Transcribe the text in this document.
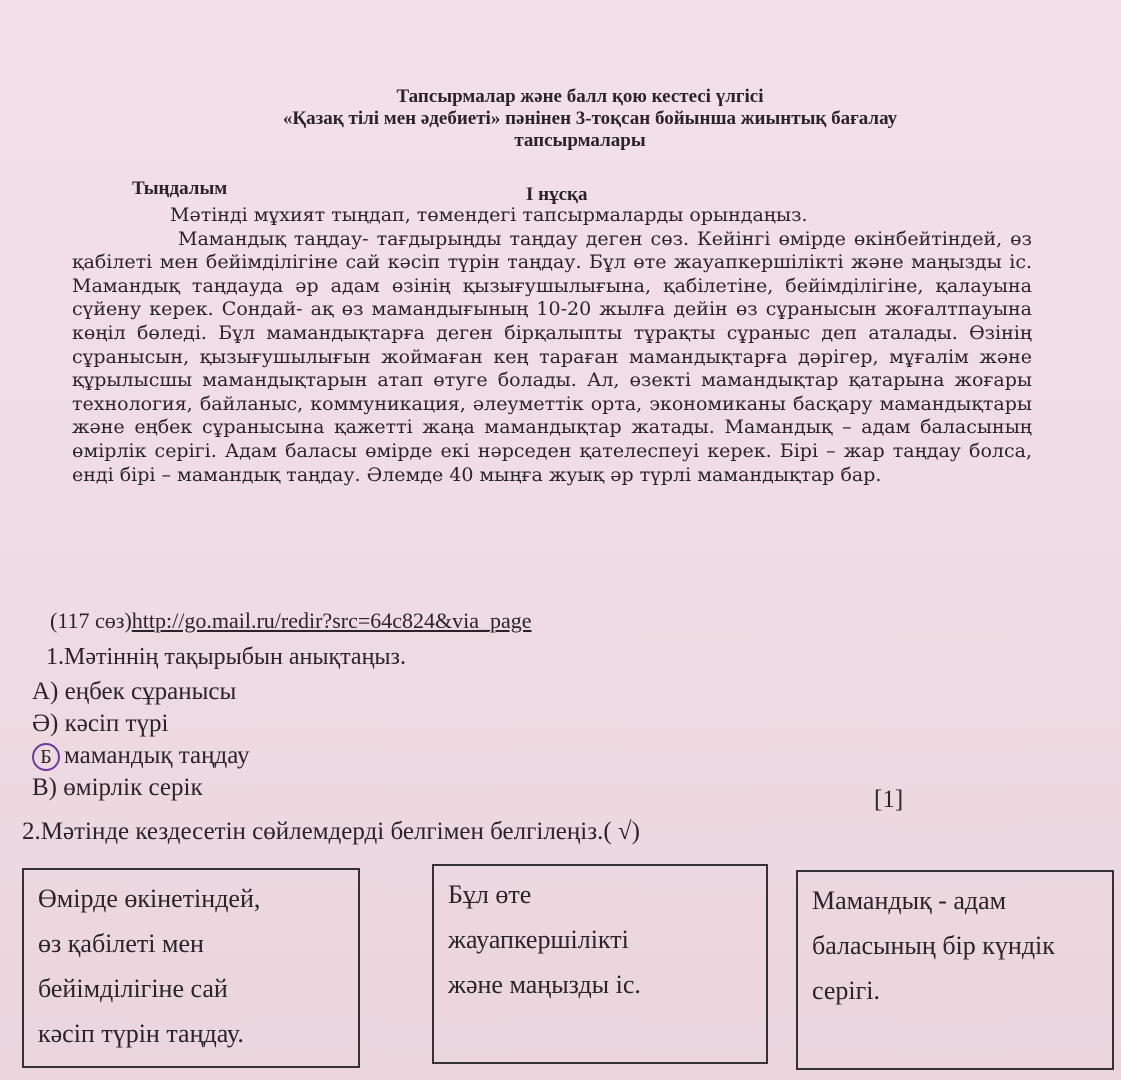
Тапсырмалар және балл қою кестесі үлгісі
«Қазақ тілі мен әдебиеті» пәнінен 3-тоқсан бойынша жиынтық бағалау
тапсырмалары
Тыңдалым	І нұсқа

Мәтінді мұхият тыңдап, төмендегі тапсырмаларды орындаңыз.

Мамандық таңдау- тағдырыңды таңдау деген сөз. Кейінгі өмірде өкінбейтіндей, өз қабілеті мен бейімділігіне сай кәсіп түрін таңдау. Бұл өте жауапкершілікті және маңызды іс. Мамандық таңдауда әр адам өзінің қызығушылығына, қабілетіне, бейімділігіне, қалауына сүйену керек. Сондай- ақ өз мамандығының 10-20 жылға дейін өз сұранысын жоғалтпауына көңіл бөледі. Бұл мамандықтарға деген бірқалыпты тұрақты сұраныс деп аталады. Өзінің сұранысын, қызығушылығын жоймаған кең тараған мамандықтарға дәрігер, мұғалім және құрылысшы мамандықтарын атап өтуге болады. Ал, өзекті мамандықтар қатарына жоғары технология, байланыс, коммуникация, әлеуметтік орта, экономиканы басқару мамандықтары және еңбек сұранысына қажетті жаңа мамандықтар жатады. Мамандық – адам баласының өмірлік серігі. Адам баласы өмірде екі нәрседен қателеспеуі керек. Бірі – жар таңдау болса, енді бірі – мамандық таңдау. Әлемде 40 мыңға жуық әр түрлі мамандықтар бар.

(117 сөз)http://go.mail.ru/redir?src=64c824&via_page
1.Мәтіннің тақырыбын анықтаңыз.
А) еңбек сұранысы
Ә) кәсіп түрі
Б мамандық таңдау
В) өмірлік серік	[1]
2.Мәтінде кездесетін сөйлемдерді белгімен белгілеңіз.( √)

Өмірде өкінетіндей,

өз қабілеті мен

бейімділігіне сай

кәсіп түрін таңдау.

Бұл өте

жауапкершілікті

және маңызды іс.

Мамандық - адам

баласының бір күндік

серігі.
